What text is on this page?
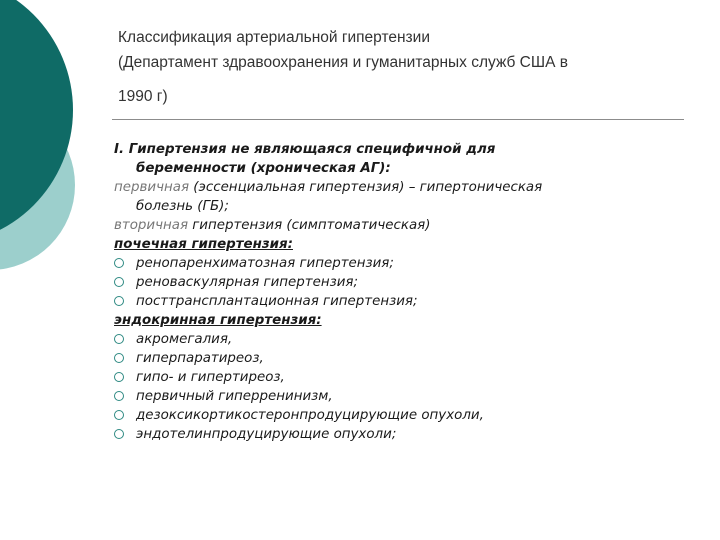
Классификация артериальной гипертензии
(Департамент здравоохранения и гуманитарных служб США в
1990 г)

I. Гипертензия не являющаяся специфичной для
беременности (хроническая АГ):

первичная (эссенциальная гипертензия) – гипертоническая
болезнь (ГБ);

вторичная гипертензия (симптоматическая)

почечная гипертензия:

ренопаренхиматозная гипертензия;
реноваскулярная гипертензия;
посттрансплантационная гипертензия;

эндокринная гипертензия:

акромегалия,
гиперпаратиреоз,
гипо- и гипертиреоз,
первичный гиперренинизм,
дезоксикортикостеронпродуцирующие опухоли,
эндотелинпродуцирующие опухоли;
